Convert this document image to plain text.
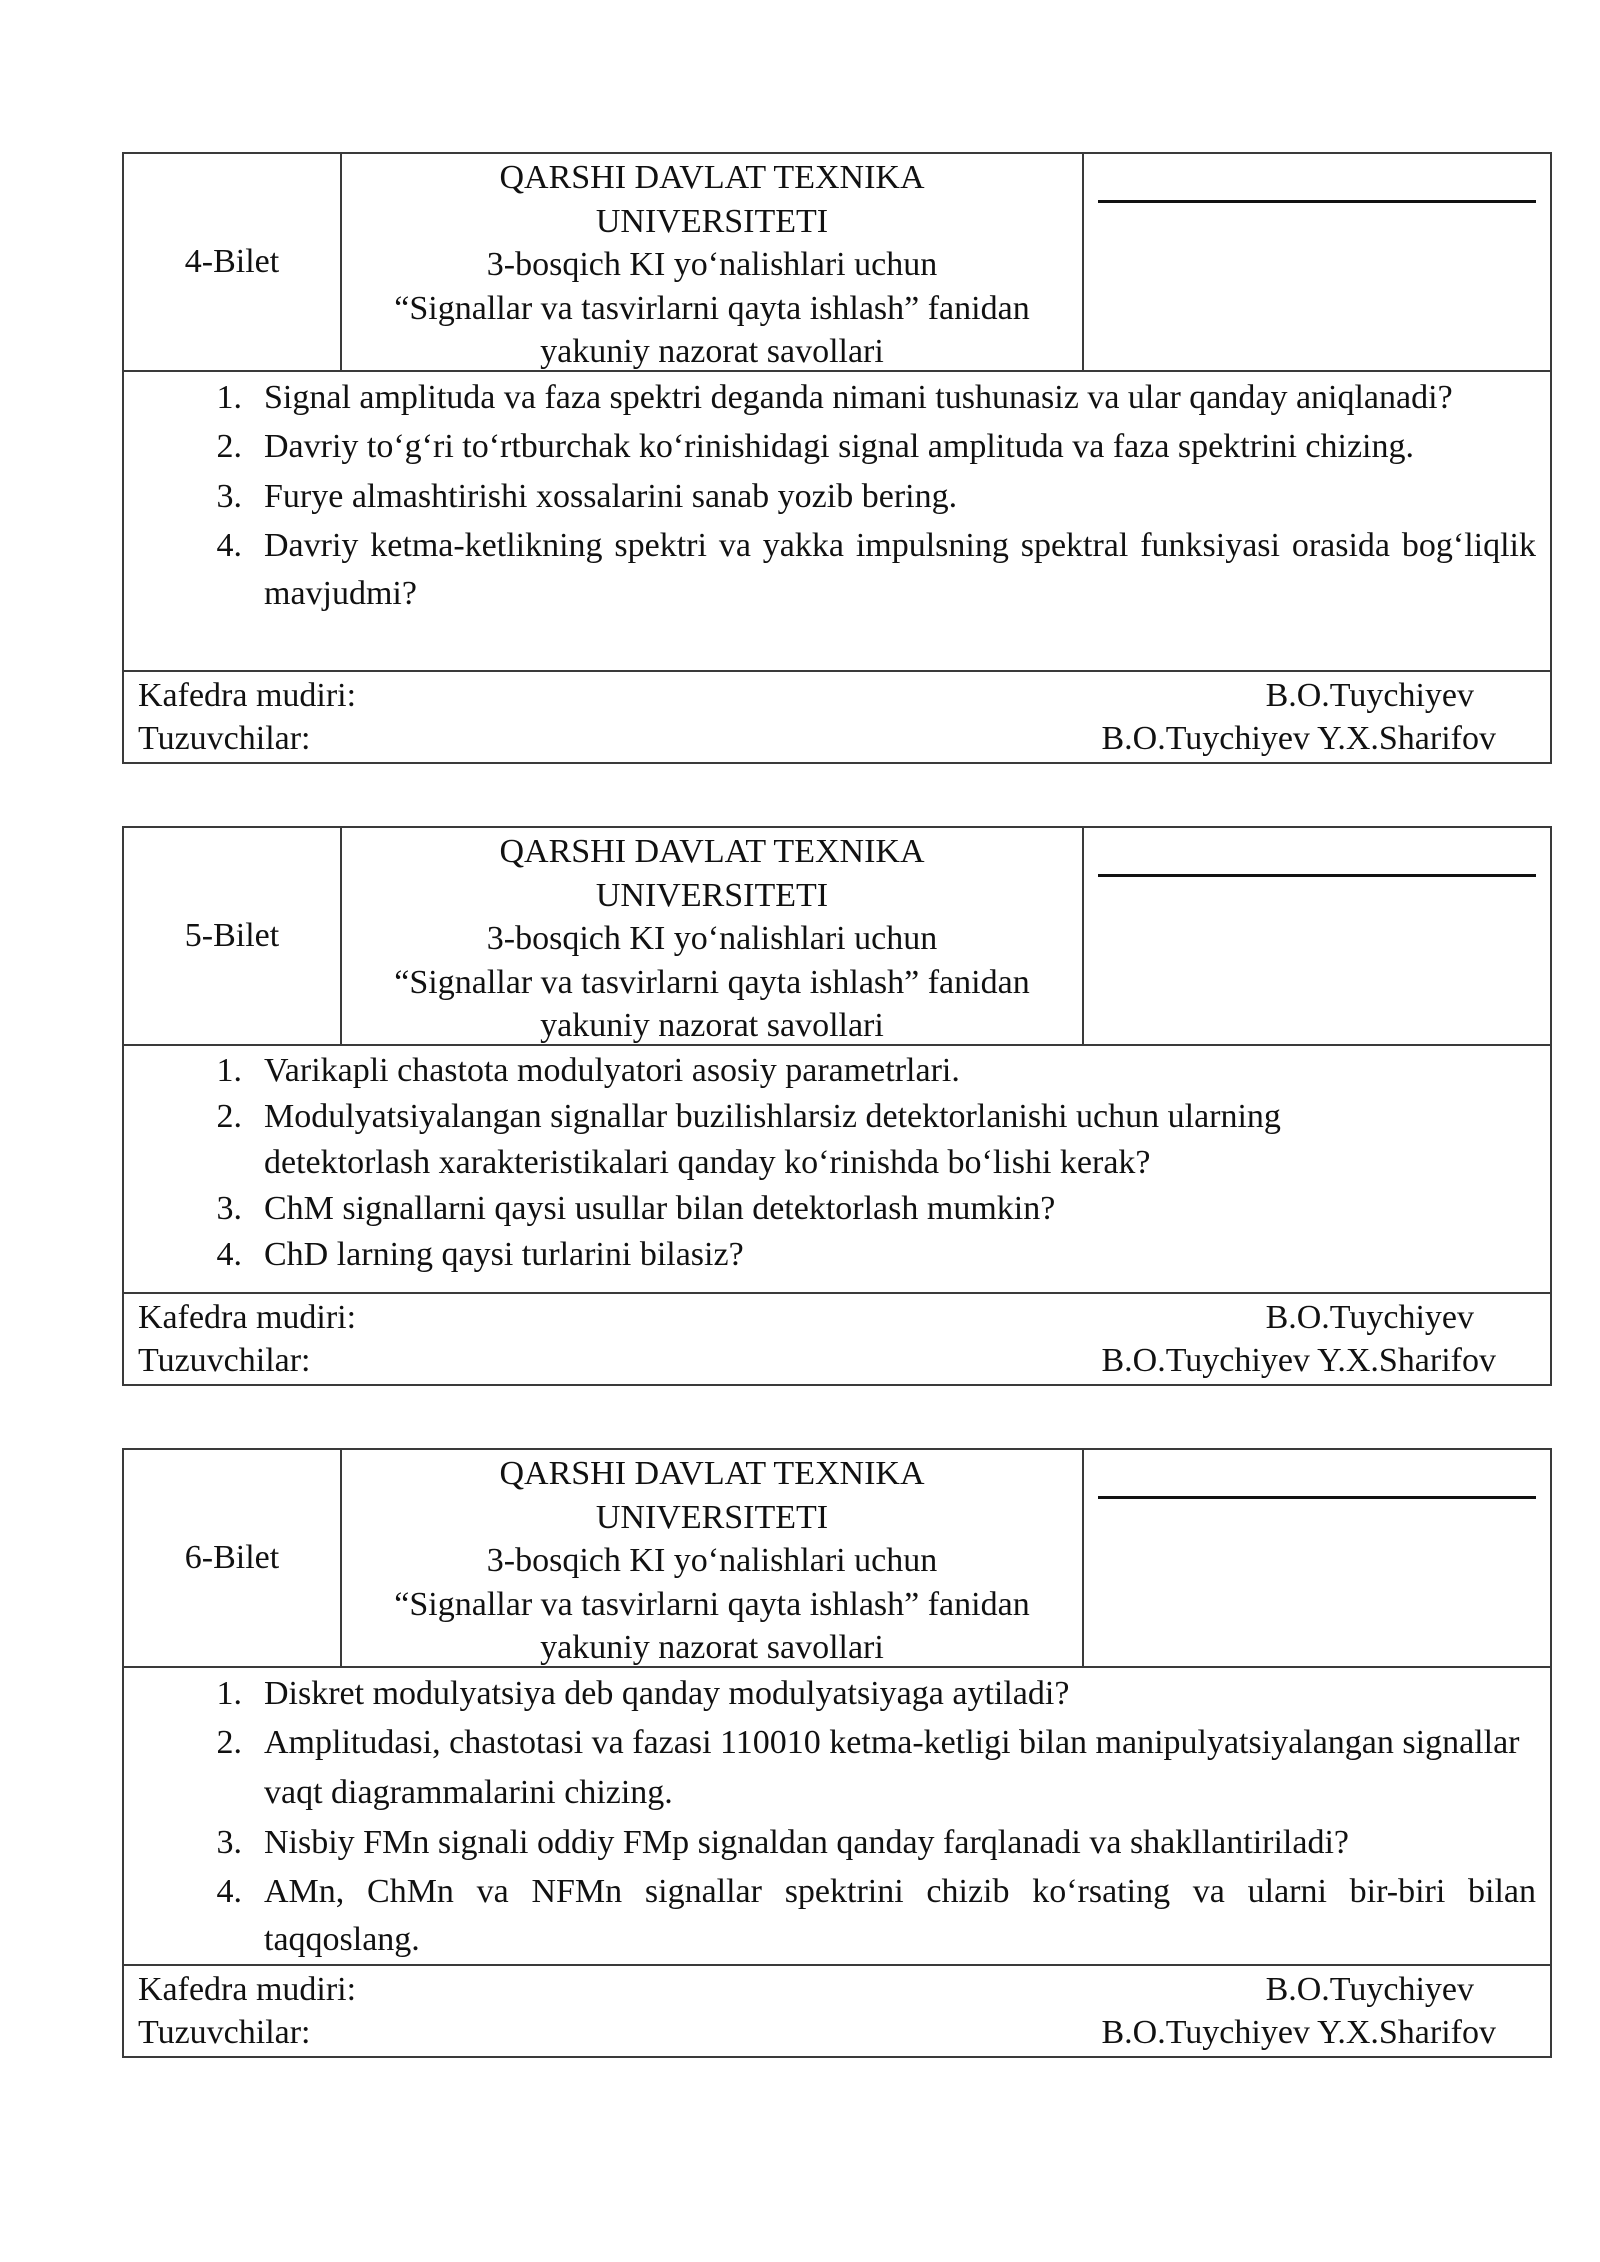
4-Bilet
QARSHI DAVLAT TEXNIKA
UNIVERSITETI
3-bosqich KI yo‘nalishlari uchun
“Signallar va tasvirlarni qayta ishlash” fanidan
yakuniy nazorat savollari
1. Signal amplituda va faza spektri deganda nimani tushunasiz va ular qanday aniqlanadi?
2. Davriy to‘g‘ri to‘rtburchak ko‘rinishidagi signal amplituda va faza spektrini chizing.
3. Furye almashtirishi xossalarini sanab yozib bering.
4. Davriy ketma-ketlikning spektri va yakka impulsning spektral funksiyasi orasida bog‘liqlik mavjudmi?
Kafedra mudiri:	B.O.Tuychiyev
Tuzuvchilar:	B.O.Tuychiyev Y.X.Sharifov
5-Bilet
QARSHI DAVLAT TEXNIKA
UNIVERSITETI
3-bosqich KI yo‘nalishlari uchun
“Signallar va tasvirlarni qayta ishlash” fanidan
yakuniy nazorat savollari
1. Varikapli chastota modulyatori asosiy parametrlari.
2. Modulyatsiyalangan signallar buzilishlarsiz detektorlanishi uchun ularning detektorlash xarakteristikalari qanday ko‘rinishda bo‘lishi kerak?
3. ChM signallarni qaysi usullar bilan detektorlash mumkin?
4. ChD larning qaysi turlarini bilasiz?
Kafedra mudiri:	B.O.Tuychiyev
Tuzuvchilar:	B.O.Tuychiyev Y.X.Sharifov
6-Bilet
QARSHI DAVLAT TEXNIKA
UNIVERSITETI
3-bosqich KI yo‘nalishlari uchun
“Signallar va tasvirlarni qayta ishlash” fanidan
yakuniy nazorat savollari
1. Diskret modulyatsiya deb qanday modulyatsiyaga aytiladi?
2. Amplitudasi, chastotasi va fazasi 110010 ketma-ketligi bilan manipulyatsiyalangan signallar vaqt diagrammalarini chizing.
3. Nisbiy FMn signali oddiy FMp signaldan qanday farqlanadi va shakllantiriladi?
4. AMn, ChMn va NFMn signallar spektrini chizib ko‘rsating va ularni bir-biri bilan taqqoslang.
Kafedra mudiri:	B.O.Tuychiyev
Tuzuvchilar:	B.O.Tuychiyev Y.X.Sharifov
